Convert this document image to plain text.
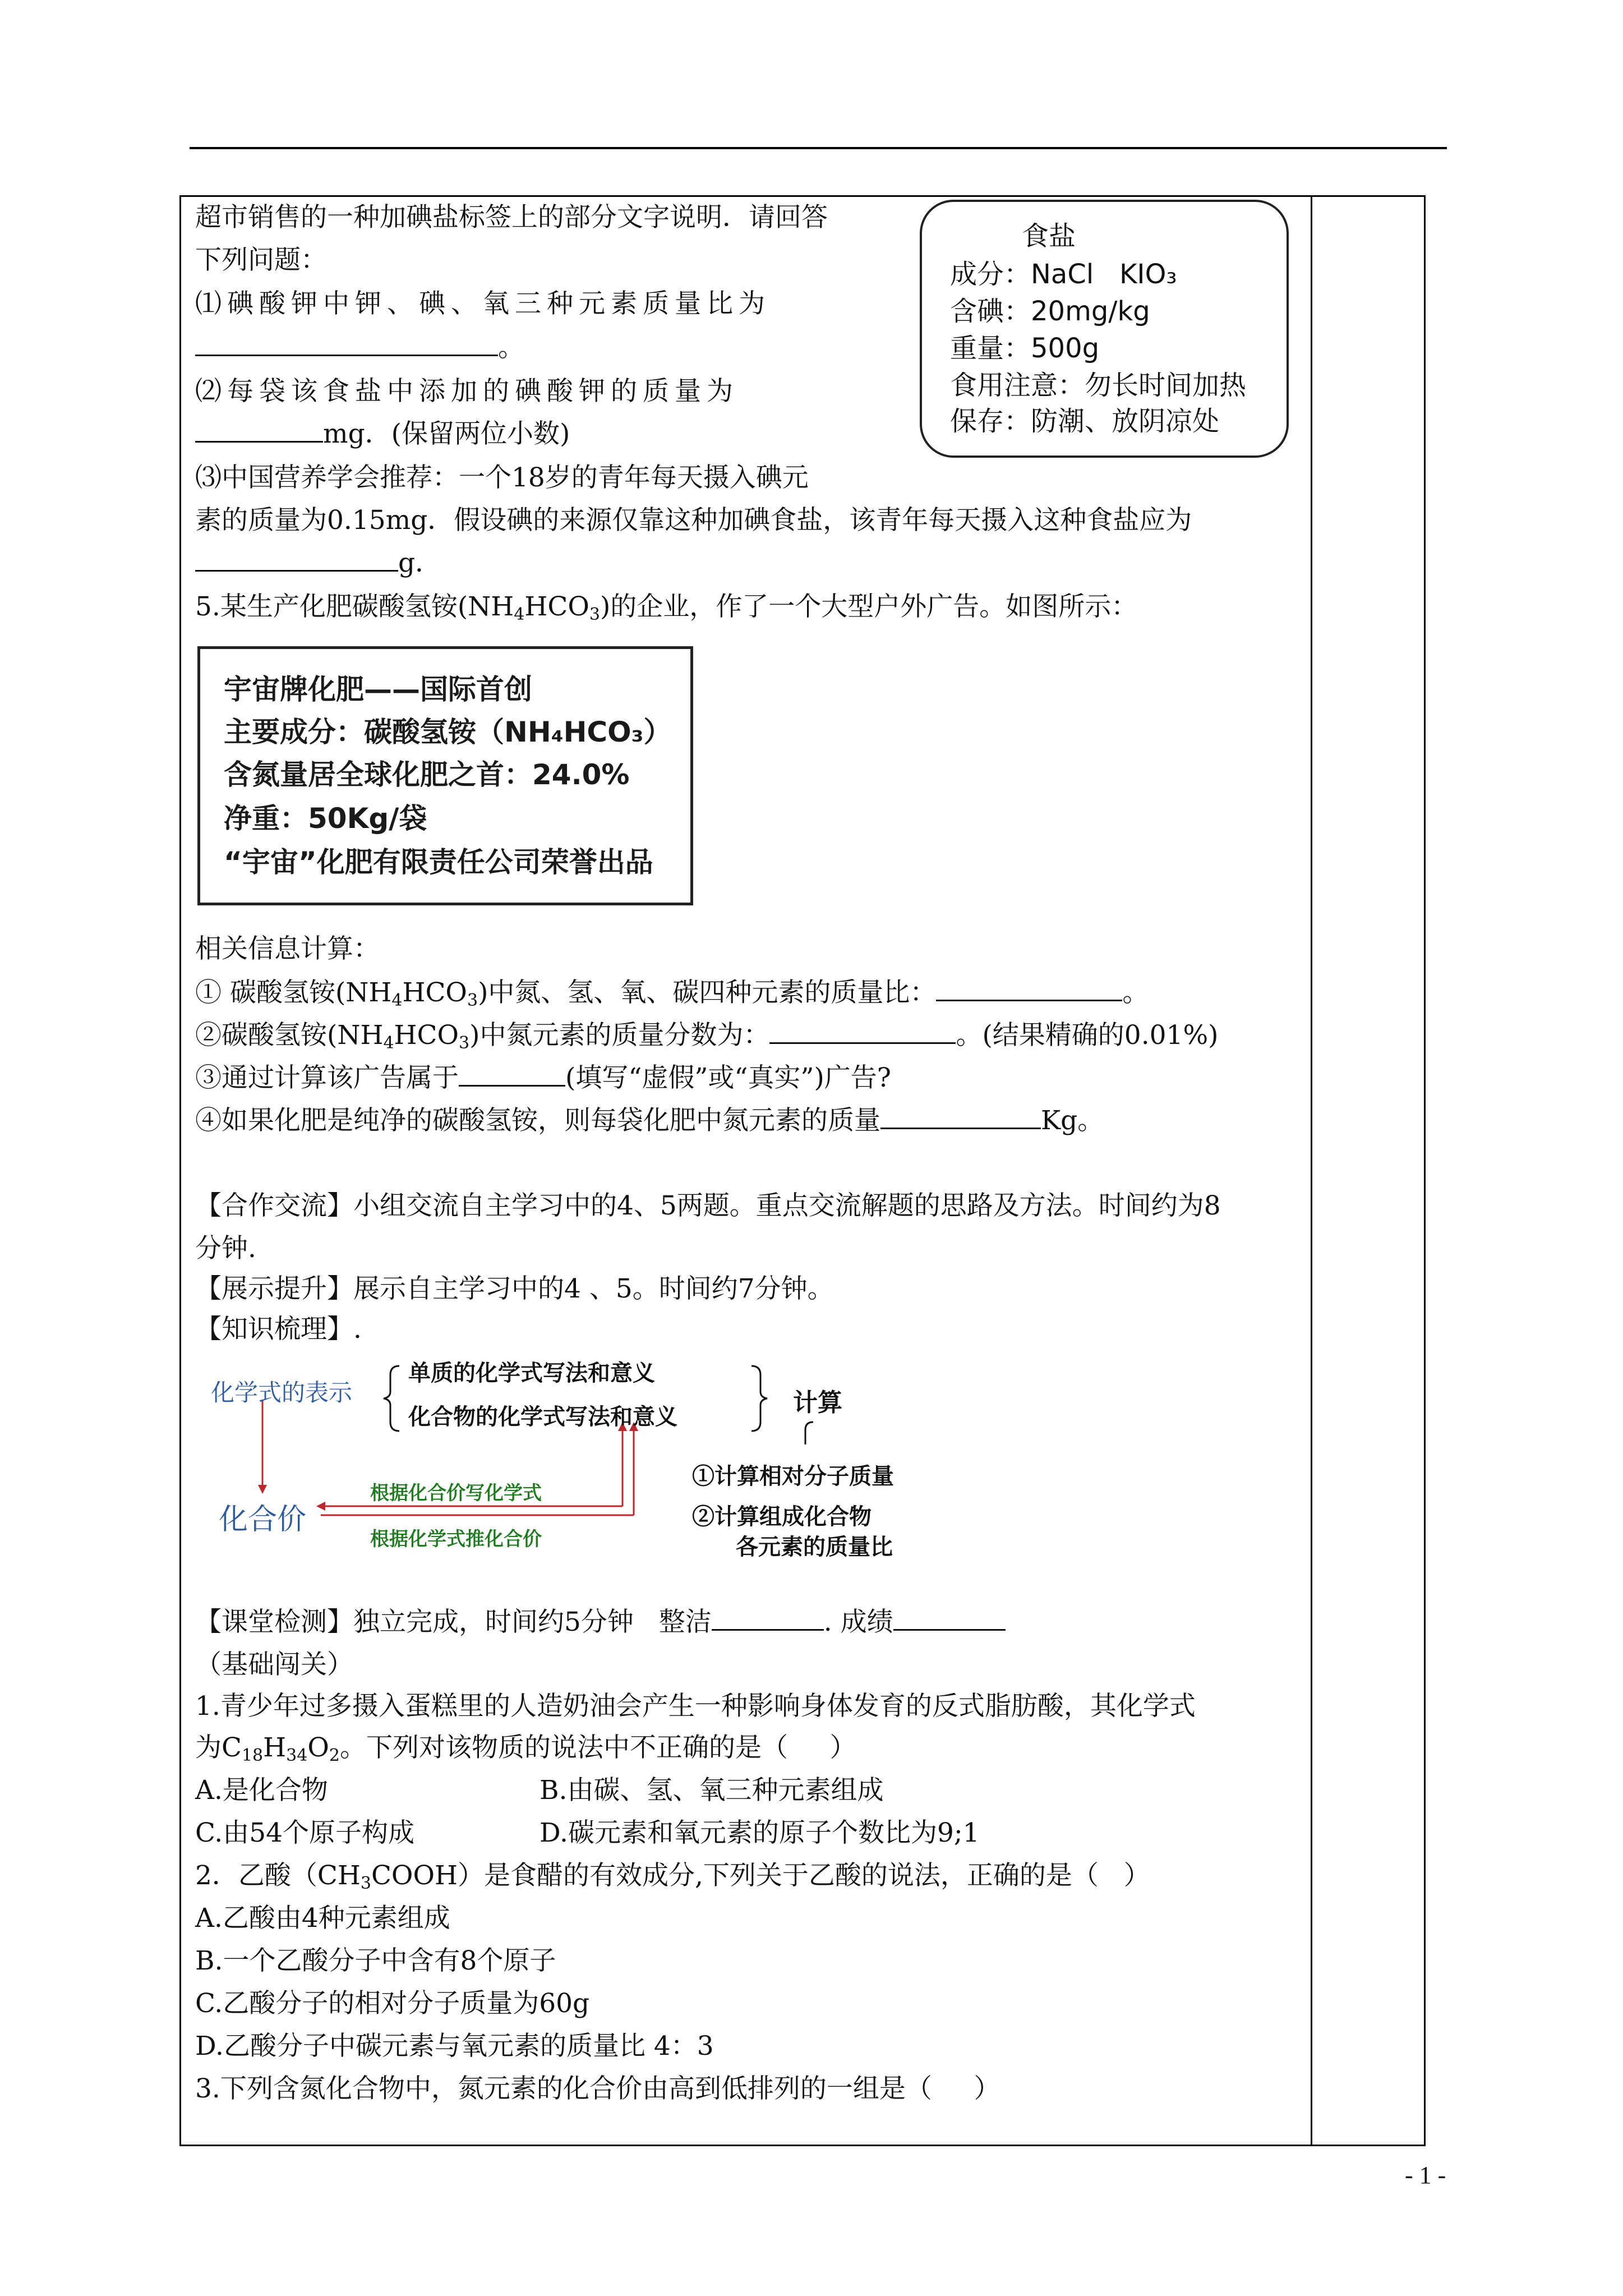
超市销售的一种加碘盐标签上的部分文字说明．请回答
下列问题：
⑴碘酸钾中钾、碘、氧三种元素质量比为
。
⑵每袋该食盐中添加的碘酸钾的质量为
mg．(保留两位小数)
⑶中国营养学会推荐：一个18岁的青年每天摄入碘元
素的质量为0.15mg．假设碘的来源仅靠这种加碘食盐，该青年每天摄入这种食盐应为
g．
食盐
成分：NaCl   KIO₃
含碘：20mg/kg
重量：500g
食用注意：勿长时间加热
保存：防潮、放阴凉处
5.某生产化肥碳酸氢铵$(NH_4HCO_3)$的企业，作了一个大型户外广告。如图所示：
宇宙牌化肥——国际首创
主要成分：碳酸氢铵（NH₄HCO₃）
含氮量居全球化肥之首：24.0%
净重：50Kg/袋
“宇宙”化肥有限责任公司荣誉出品
相关信息计算：
① 碳酸氢铵$(NH_4HCO_3)$中氮、氢、氧、碳四种元素的质量比：	。
②碳酸氢铵$(NH_4HCO_3)$中氮元素的质量分数为：	。(结果精确的0.01%)
③通过计算该广告属于	(填写“虚假”或“真实”)广告?
④如果化肥是纯净的碳酸氢铵，则每袋化肥中氮元素的质量	Kg。
【合作交流】小组交流自主学习中的4、5两题。重点交流解题的思路及方法。时间约为8
分钟.
【展示提升】展示自主学习中的4 、5。时间约7分钟。
【知识梳理】.
化学式的表示
单质的化学式写法和意义
化合物的化学式写法和意义	计算
①计算相对分子质量
②计算组成化合物
各元素的质量比
化合价
根据化合价写化学式
根据化学式推化合价
【课堂检测】独立完成，时间约5分钟   整洁	. 成绩
（基础闯关）
1.青少年过多摄入蛋糕里的人造奶油会产生一种影响身体发育的反式脂肪酸，其化学式
为$C_{18}H_{34}O_2$。下列对该物质的说法中不正确的是（     ）
A.是化合物	B.由碳、氢、氧三种元素组成
C.由54个原子构成	D.碳元素和氧元素的原子个数比为9;1
2．乙酸$(CH_3COOH)$是食醋的有效成分,下列关于乙酸的说法，正确的是（   ）
A.乙酸由4种元素组成
B.一个乙酸分子中含有8个原子
C.乙酸分子的相对分子质量为60g
D.乙酸分子中碳元素与氧元素的质量比 4：3
3.下列含氮化合物中，氮元素的化合价由高到低排列的一组是（     ）
- 1 -
